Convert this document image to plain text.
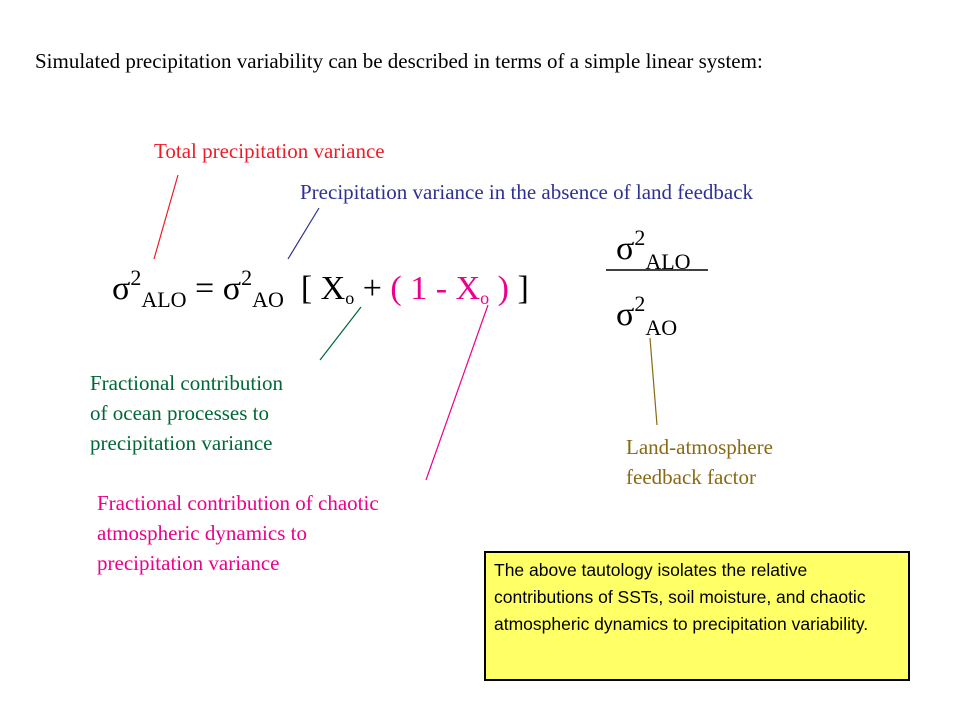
Simulated precipitation variability can be described in terms of a simple linear system:
Total precipitation variance
Precipitation variance in the absence of land feedback
$\sigma^2_{ALO} = \sigma^2_{AO}$ [ $X_o$ + ( $1 - X_o$ ) ]
$\sigma^2_{ALO}$
$\sigma^2_{AO}$
Fractional contribution
of ocean processes to
precipitation variance	Land-atmosphere
feedback factor
Fractional contribution of chaotic
atmospheric dynamics to
precipitation variance	The above tautology isolates the relative contributions of SSTs, soil moisture, and chaotic atmospheric dynamics to precipitation variability.
